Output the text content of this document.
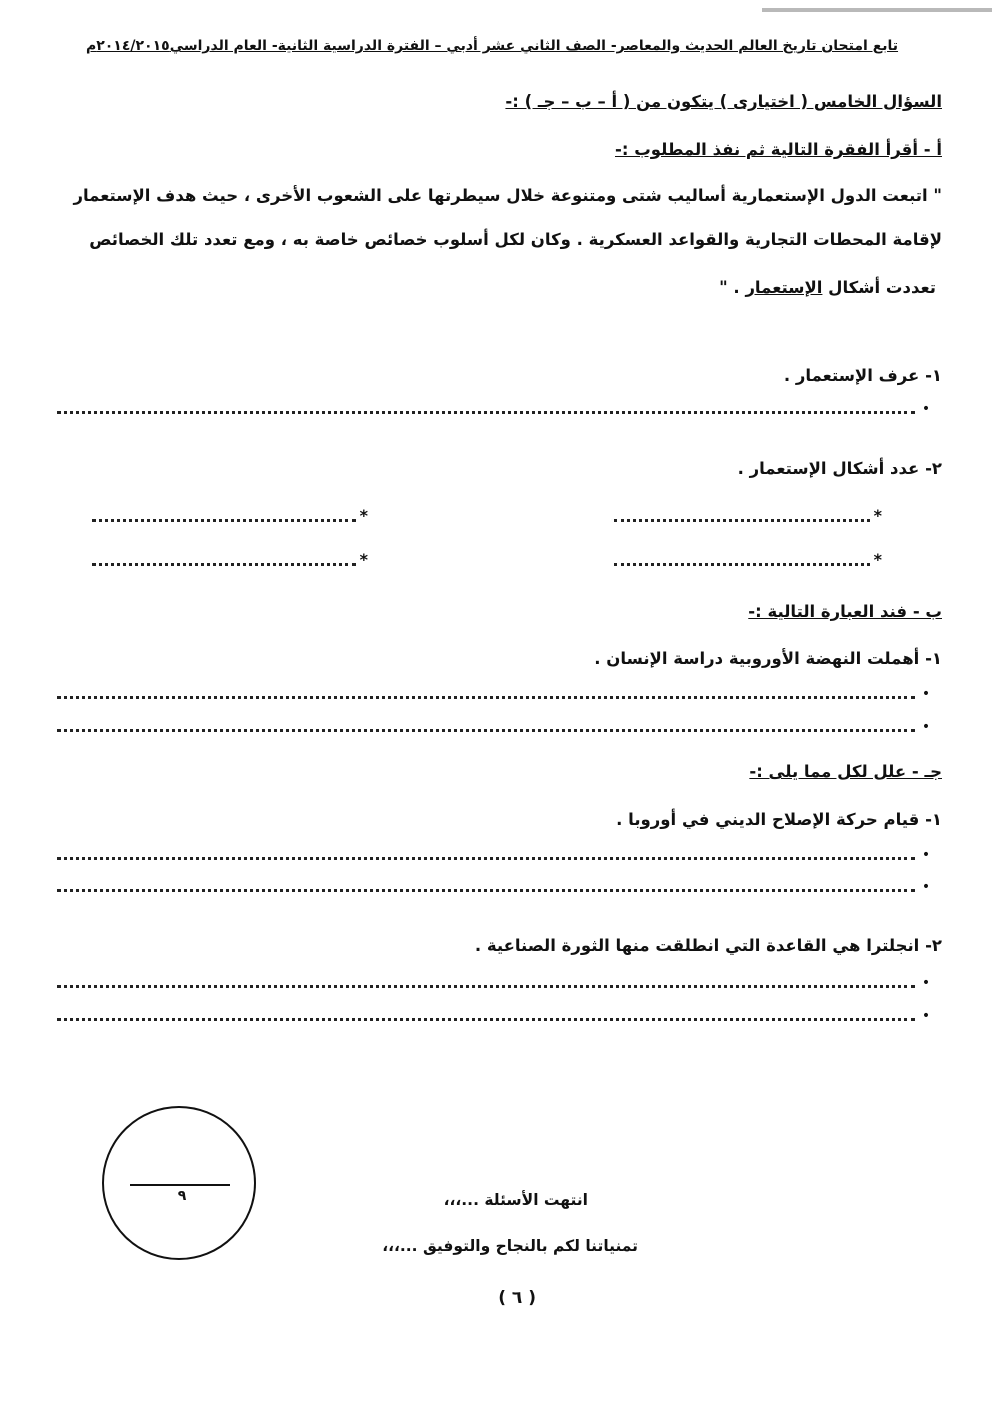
تابع امتحان تاريخ العالم الحديث والمعاصر- الصف الثاني عشر أدبي – الفترة الدراسية الثانية- العام الدراسي٢٠١٤/٢٠١٥م
السؤال الخامس ( اختيارى ) يتكون من ( أ – ب – جـ ) :-
أ - أقرأ الفقرة التالية ثم نفذ المطلوب :-
" اتبعت الدول الإستعمارية أساليب شتى ومتنوعة خلال سيطرتها على الشعوب الأخرى ، حيث هدف الإستعمار
لإقامة المحطات التجارية والقواعد العسكرية . وكان لكل أسلوب خصائص خاصة به ، ومع تعدد تلك الخصائص
تعددت أشكال الإستعمار . "
١- عرف الإستعمار .
•
٢- عدد أشكال الإستعمار .
*
*
*
*
ب - فند العبارة التالية :-
١- أهملت النهضة الأوروبية دراسة الإنسان .
•
•
جـ - علل لكل مما يلى :-
١- قيام حركة الإصلاح الديني في أوروبا .
•
•
٢- انجلترا هي القاعدة التي انطلقت منها الثورة الصناعية .
•
•
٩	انتهت الأسئلة ...،،،
تمنياتنا لكم بالنجاح والتوفيق ...،،،
( ٦ )
